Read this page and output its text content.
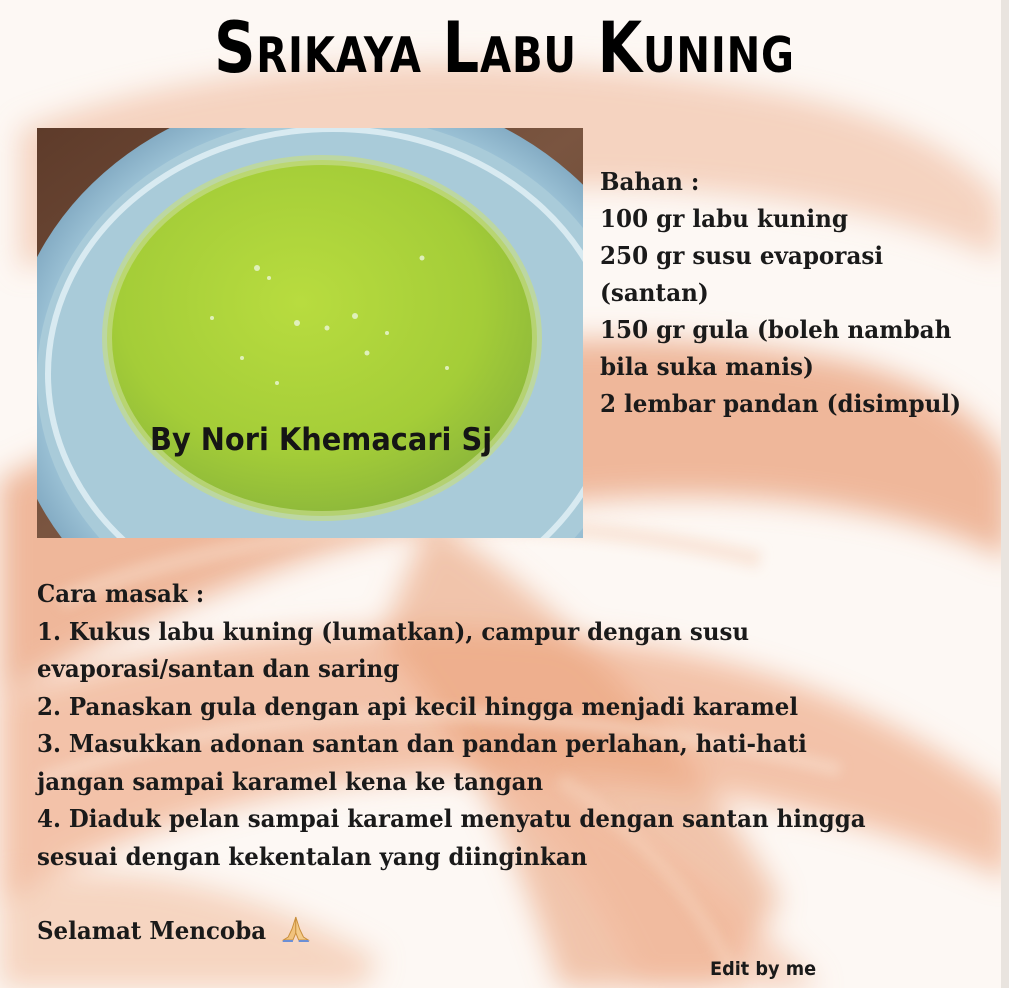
Srikaya Labu Kuning
By Nori Khemacari Sj
Bahan :
100 gr labu kuning
250 gr susu evaporasi
(santan)
150 gr gula (boleh nambah
bila suka manis)
2 lembar pandan (disimpul)
Cara masak :
1. Kukus labu kuning (lumatkan), campur dengan susu
evaporasi/santan dan saring
2. Panaskan gula dengan api kecil hingga menjadi karamel
3. Masukkan adonan santan dan pandan perlahan, hati-hati
jangan sampai karamel kena ke tangan
4. Diaduk pelan sampai karamel menyatu dengan santan hingga
sesuai dengan kekentalan yang diinginkan
Selamat Mencoba
Edit by me
